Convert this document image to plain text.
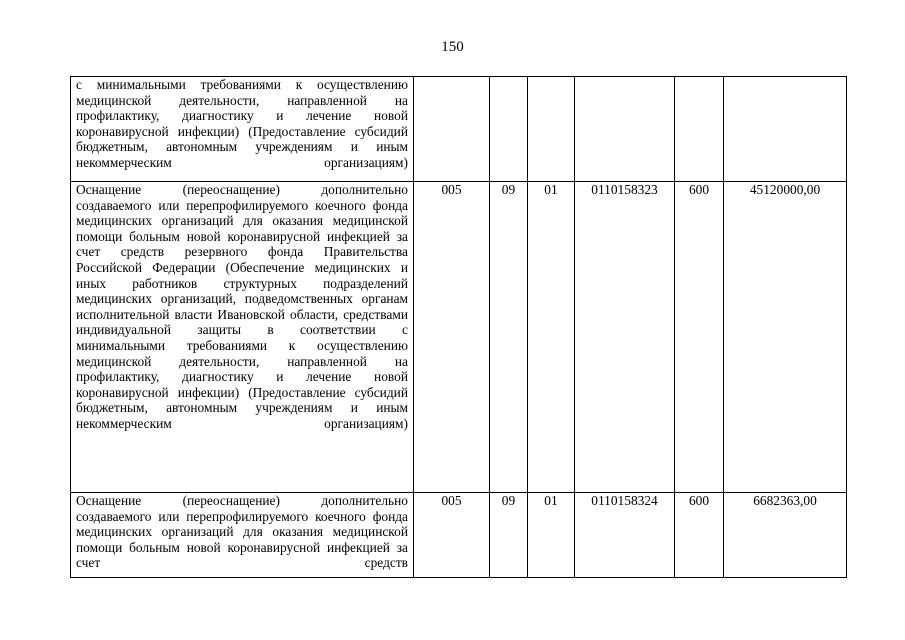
150
с минимальными требованиями к осуществлению медицинской деятельности, направленной на профилактику, диагностику и лечение новой коронавирусной инфекции) (Предоставление субсидий бюджетным, автономным учреждениям и иным некоммерческим организациям)						

Оснащение (переоснащение) дополнительно создаваемого или перепрофилируемого коечного фонда медицинских организаций для оказания медицинской помощи больным новой коронавирусной инфекцией за счет средств резервного фонда Правительства Российской Федерации (Обеспечение медицинских и иных работников структурных подразделений медицинских организаций, подведомственных органам исполнительной власти Ивановской области, средствами индивидуальной защиты в соответствии с минимальными требованиями к осуществлению медицинской деятельности, направленной на профилактику, диагностику и лечение новой коронавирусной инфекции) (Предоставление субсидий бюджетным, автономным учреждениям и иным некоммерческим организациям)	005	09	01	0110158323	600	45120000,00

Оснащение (переоснащение) дополнительно создаваемого или перепрофилируемого коечного фонда медицинских организаций для оказания медицинской помощи больным новой коронавирусной инфекцией за счет средств	005	09	01	0110158324	600	6682363,00
